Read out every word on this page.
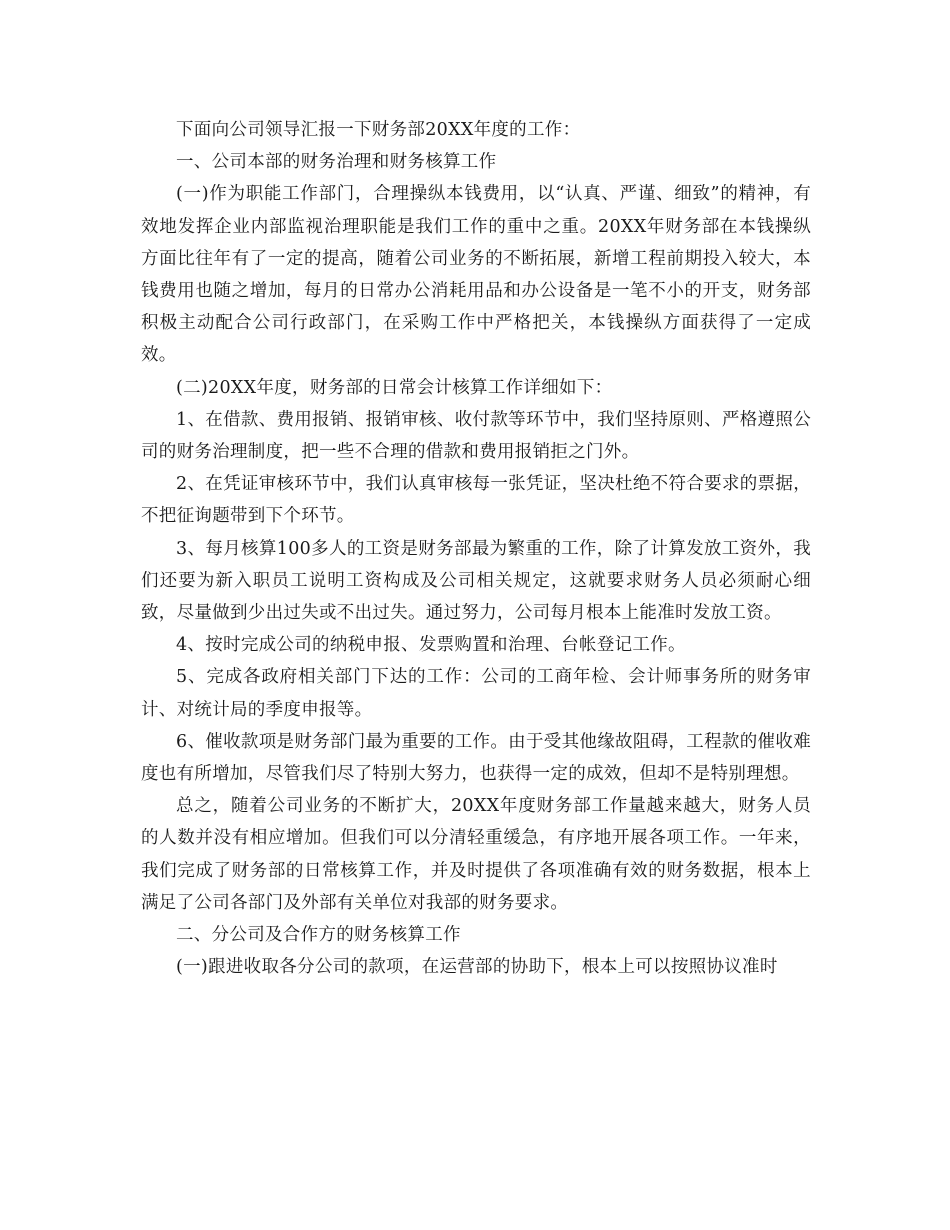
下面向公司领导汇报一下财务部20XX年度的工作：

一、公司本部的财务治理和财务核算工作

(一)作为职能工作部门，合理操纵本钱费用，以“认真、严谨、细致”的精神，有效地发挥企业内部监视治理职能是我们工作的重中之重。20XX年财务部在本钱操纵方面比往年有了一定的提高，随着公司业务的不断拓展，新增工程前期投入较大，本钱费用也随之增加，每月的日常办公消耗用品和办公设备是一笔不小的开支，财务部积极主动配合公司行政部门，在采购工作中严格把关，本钱操纵方面获得了一定成效。

(二)20XX年度，财务部的日常会计核算工作详细如下：

1、在借款、费用报销、报销审核、收付款等环节中，我们坚持原则、严格遵照公司的财务治理制度，把一些不合理的借款和费用报销拒之门外。

2、在凭证审核环节中，我们认真审核每一张凭证，坚决杜绝不符合要求的票据，不把征询题带到下个环节。

3、每月核算100多人的工资是财务部最为繁重的工作，除了计算发放工资外，我们还要为新入职员工说明工资构成及公司相关规定，这就要求财务人员必须耐心细致，尽量做到少出过失或不出过失。通过努力，公司每月根本上能准时发放工资。

4、按时完成公司的纳税申报、发票购置和治理、台帐登记工作。

5、完成各政府相关部门下达的工作：公司的工商年检、会计师事务所的财务审计、对统计局的季度申报等。

6、催收款项是财务部门最为重要的工作。由于受其他缘故阻碍，工程款的催收难度也有所增加，尽管我们尽了特别大努力，也获得一定的成效，但却不是特别理想。

总之，随着公司业务的不断扩大，20XX年度财务部工作量越来越大，财务人员的人数并没有相应增加。但我们可以分清轻重缓急，有序地开展各项工作。一年来，我们完成了财务部的日常核算工作，并及时提供了各项准确有效的财务数据，根本上满足了公司各部门及外部有关单位对我部的财务要求。

二、分公司及合作方的财务核算工作

(一)跟进收取各分公司的款项，在运营部的协助下，根本上可以按照协议准时
